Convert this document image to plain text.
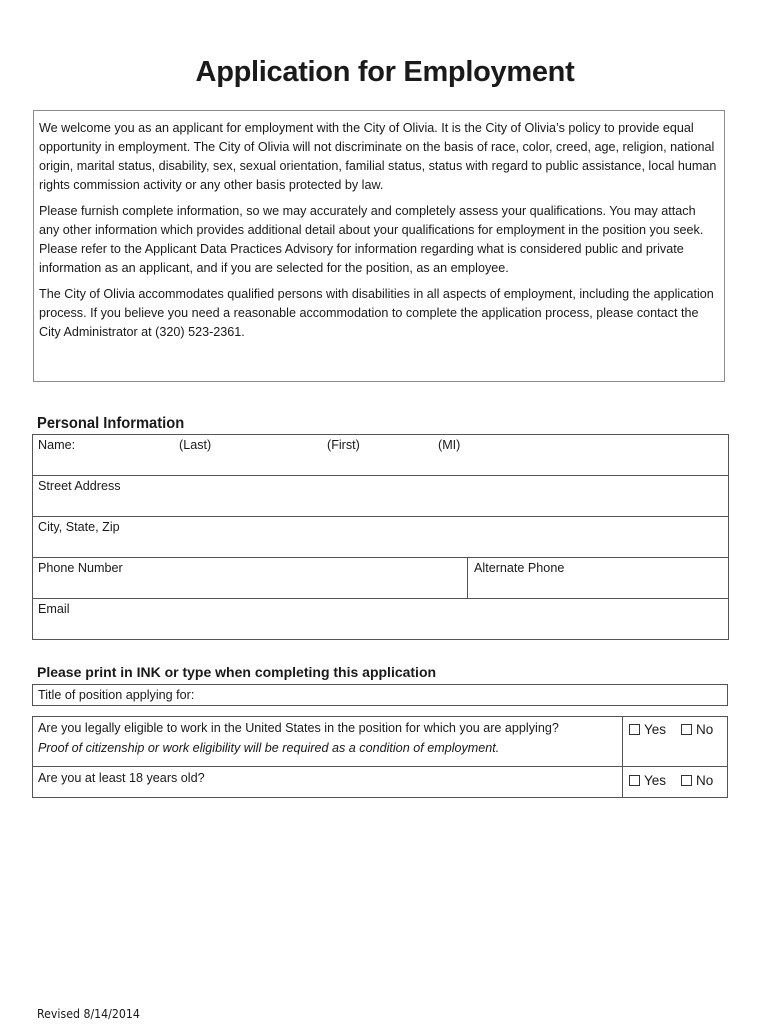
Application for Employment

We welcome you as an applicant for employment with the City of Olivia. It is the City of Olivia’s policy to provide equal opportunity in employment. The City of Olivia will not discriminate on the basis of race, color, creed, age, religion, national origin, marital status, disability, sex, sexual orientation, familial status, status with regard to public assistance, local human rights commission activity or any other basis protected by law.

Please furnish complete information, so we may accurately and completely assess your qualifications. You may attach any other information which provides additional detail about your qualifications for employment in the position you seek. Please refer to the Applicant Data Practices Advisory for information regarding what is considered public and private information as an applicant, and if you are selected for the position, as an employee.

The City of Olivia accommodates qualified persons with disabilities in all aspects of employment, including the application process. If you believe you need a reasonable accommodation to complete the application process, please contact the City Administrator at (320) 523-2361.

Personal Information
Name:	(Last)	(First)	(MI)
Street Address
City, State, Zip
Phone Number	Alternate Phone
Email
Please print in INK or type when completing this application
Title of position applying for:
Are you legally eligible to work in the United States in the position for which you are applying?
Proof of citizenship or work eligibility will be required as a condition of employment.
Yes	No
Are you at least 18 years old?	Yes	No
Revised 8/14/2014
